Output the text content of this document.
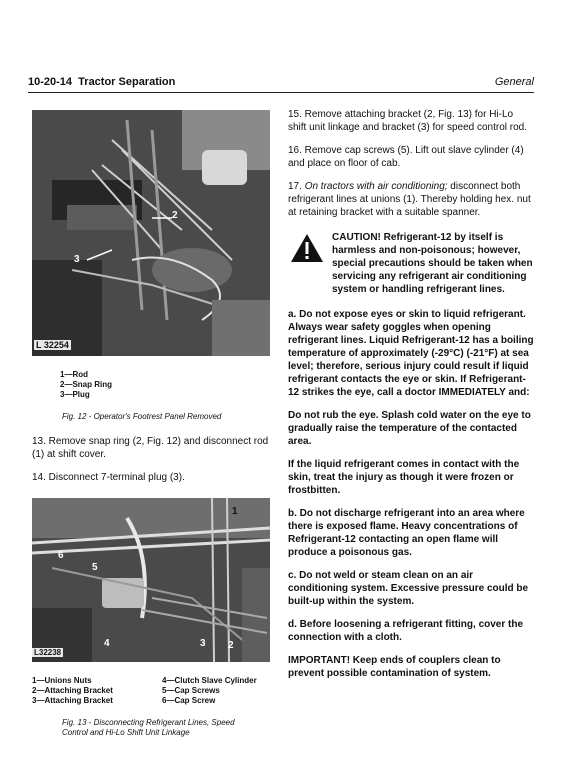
10-20-14 Tractor Separation	General
2
3
L 32254
1—Rod
2—Snap Ring
3—Plug
Fig. 12 - Operator's Footrest Panel Removed

13. Remove snap ring (2, Fig. 12) and disconnect rod (1) at shift cover.

14. Disconnect 7-terminal plug (3).

1
6
5
4	3 2
L32238
1—Unions Nuts
2—Attaching Bracket
3—Attaching Bracket
4—Clutch Slave Cylinder
5—Cap Screws
6—Cap Screw
Fig. 13 - Disconnecting Refrigerant Lines, Speed Control and Hi-Lo Shift Unit Linkage

15. Remove attaching bracket (2, Fig. 13) for Hi-Lo shift unit linkage and bracket (3) for speed control rod.

16. Remove cap screws (5). Lift out slave cylinder (4) and place on floor of cab.

17. On tractors with air conditioning; disconnect both refrigerant lines at unions (1). Thereby holding hex. nut at retaining bracket with a suitable spanner.

CAUTION! Refrigerant-12 by itself is harmless and non-poisonous; however, special precautions should be taken when servicing any refrigerant air conditioning system or handling refrigerant lines.

a. Do not expose eyes or skin to liquid refrigerant. Always wear safety goggles when opening refrigerant lines. Liquid Refrigerant-12 has a boiling temperature of approximately (-29°C) (-21°F) at sea level; therefore, serious injury could result if liquid refrigerant contacts the eye or skin. If Refrigerant-12 strikes the eye, call a doctor IMMEDIATELY and:

Do not rub the eye. Splash cold water on the eye to gradually raise the temperature of the contacted area.

If the liquid refrigerant comes in contact with the skin, treat the injury as though it were frozen or frostbitten.

b. Do not discharge refrigerant into an area where there is exposed flame. Heavy concentrations of Refrigerant-12 contacting an open flame will produce a poisonous gas.

c. Do not weld or steam clean on an air conditioning system. Excessive pressure could be built-up within the system.

d. Before loosening a refrigerant fitting, cover the connection with a cloth.

IMPORTANT! Keep ends of couplers clean to prevent possible contamination of system.
